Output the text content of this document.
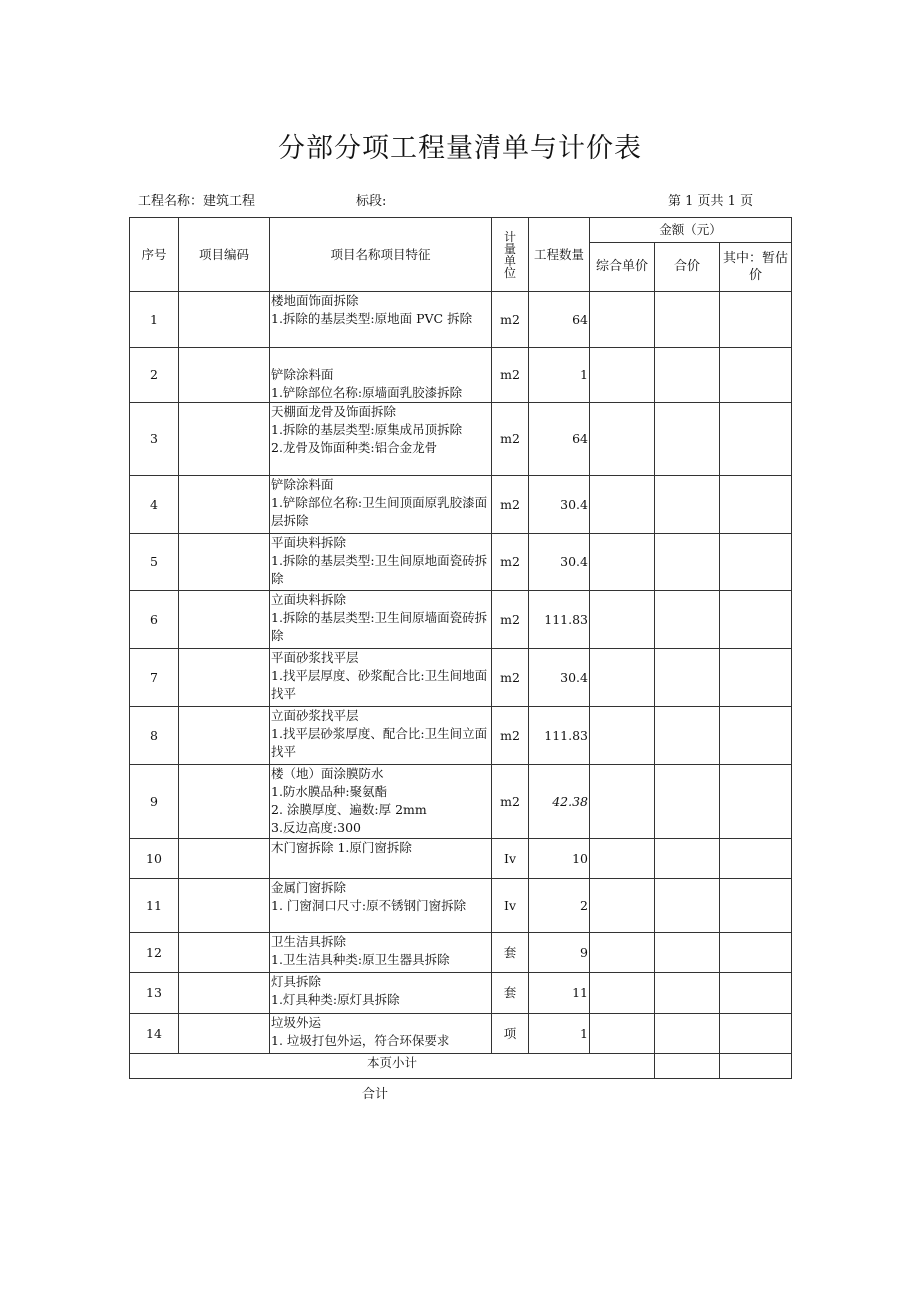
分部分项工程量清单与计价表
工程名称：建筑工程	标段:	第 1 页共 1 页
序号	项目编码	项目名称项目特征	计
量
单
位	工程数量	金额（元）		
					综合单价	合价	其中：暂估价
1		楼地面饰面拆除
1.拆除的基层类型:原地面 PVC 拆除	m2	64			
2		铲除涂料面
1.铲除部位名称:原墙面乳胶漆拆除	m2	1			
3		天棚面龙骨及饰面拆除
1.拆除的基层类型:原集成吊顶拆除
2.龙骨及饰面种类:铝合金龙骨	m2	64			
4		铲除涂料面
1.铲除部位名称:卫生间顶面原乳胶漆面层拆除	m2	30.4			
5		平面块料拆除
1.拆除的基层类型:卫生间原地面瓷砖拆除	m2	30.4			
6		立面块料拆除
1.拆除的基层类型:卫生间原墙面瓷砖拆除	m2	111.83			
7		平面砂浆找平层
1.找平层厚度、砂浆配合比:卫生间地面找平	m2	30.4			
8		立面砂浆找平层
1.找平层砂浆厚度、配合比:卫生间立面找平	m2	111.83			
9		楼（地）面涂膜防水
1.防水膜品种:聚氨酯
2. 涂膜厚度、遍数:厚 2mm
3.反边高度:300	m2	42.38			
10		木门窗拆除 1.原门窗拆除	Iv	10			
11		金属门窗拆除
1. 门窗洞口尺寸:原不锈钢门窗拆除	Iv	2			
12		卫生洁具拆除
1.卫生洁具种类:原卫生器具拆除	套	9			
13		灯具拆除
1.灯具种类:原灯具拆除	套	11			
14		垃圾外运
1. 垃圾打包外运，符合环保要求	项	1			
本页小计							
合计
